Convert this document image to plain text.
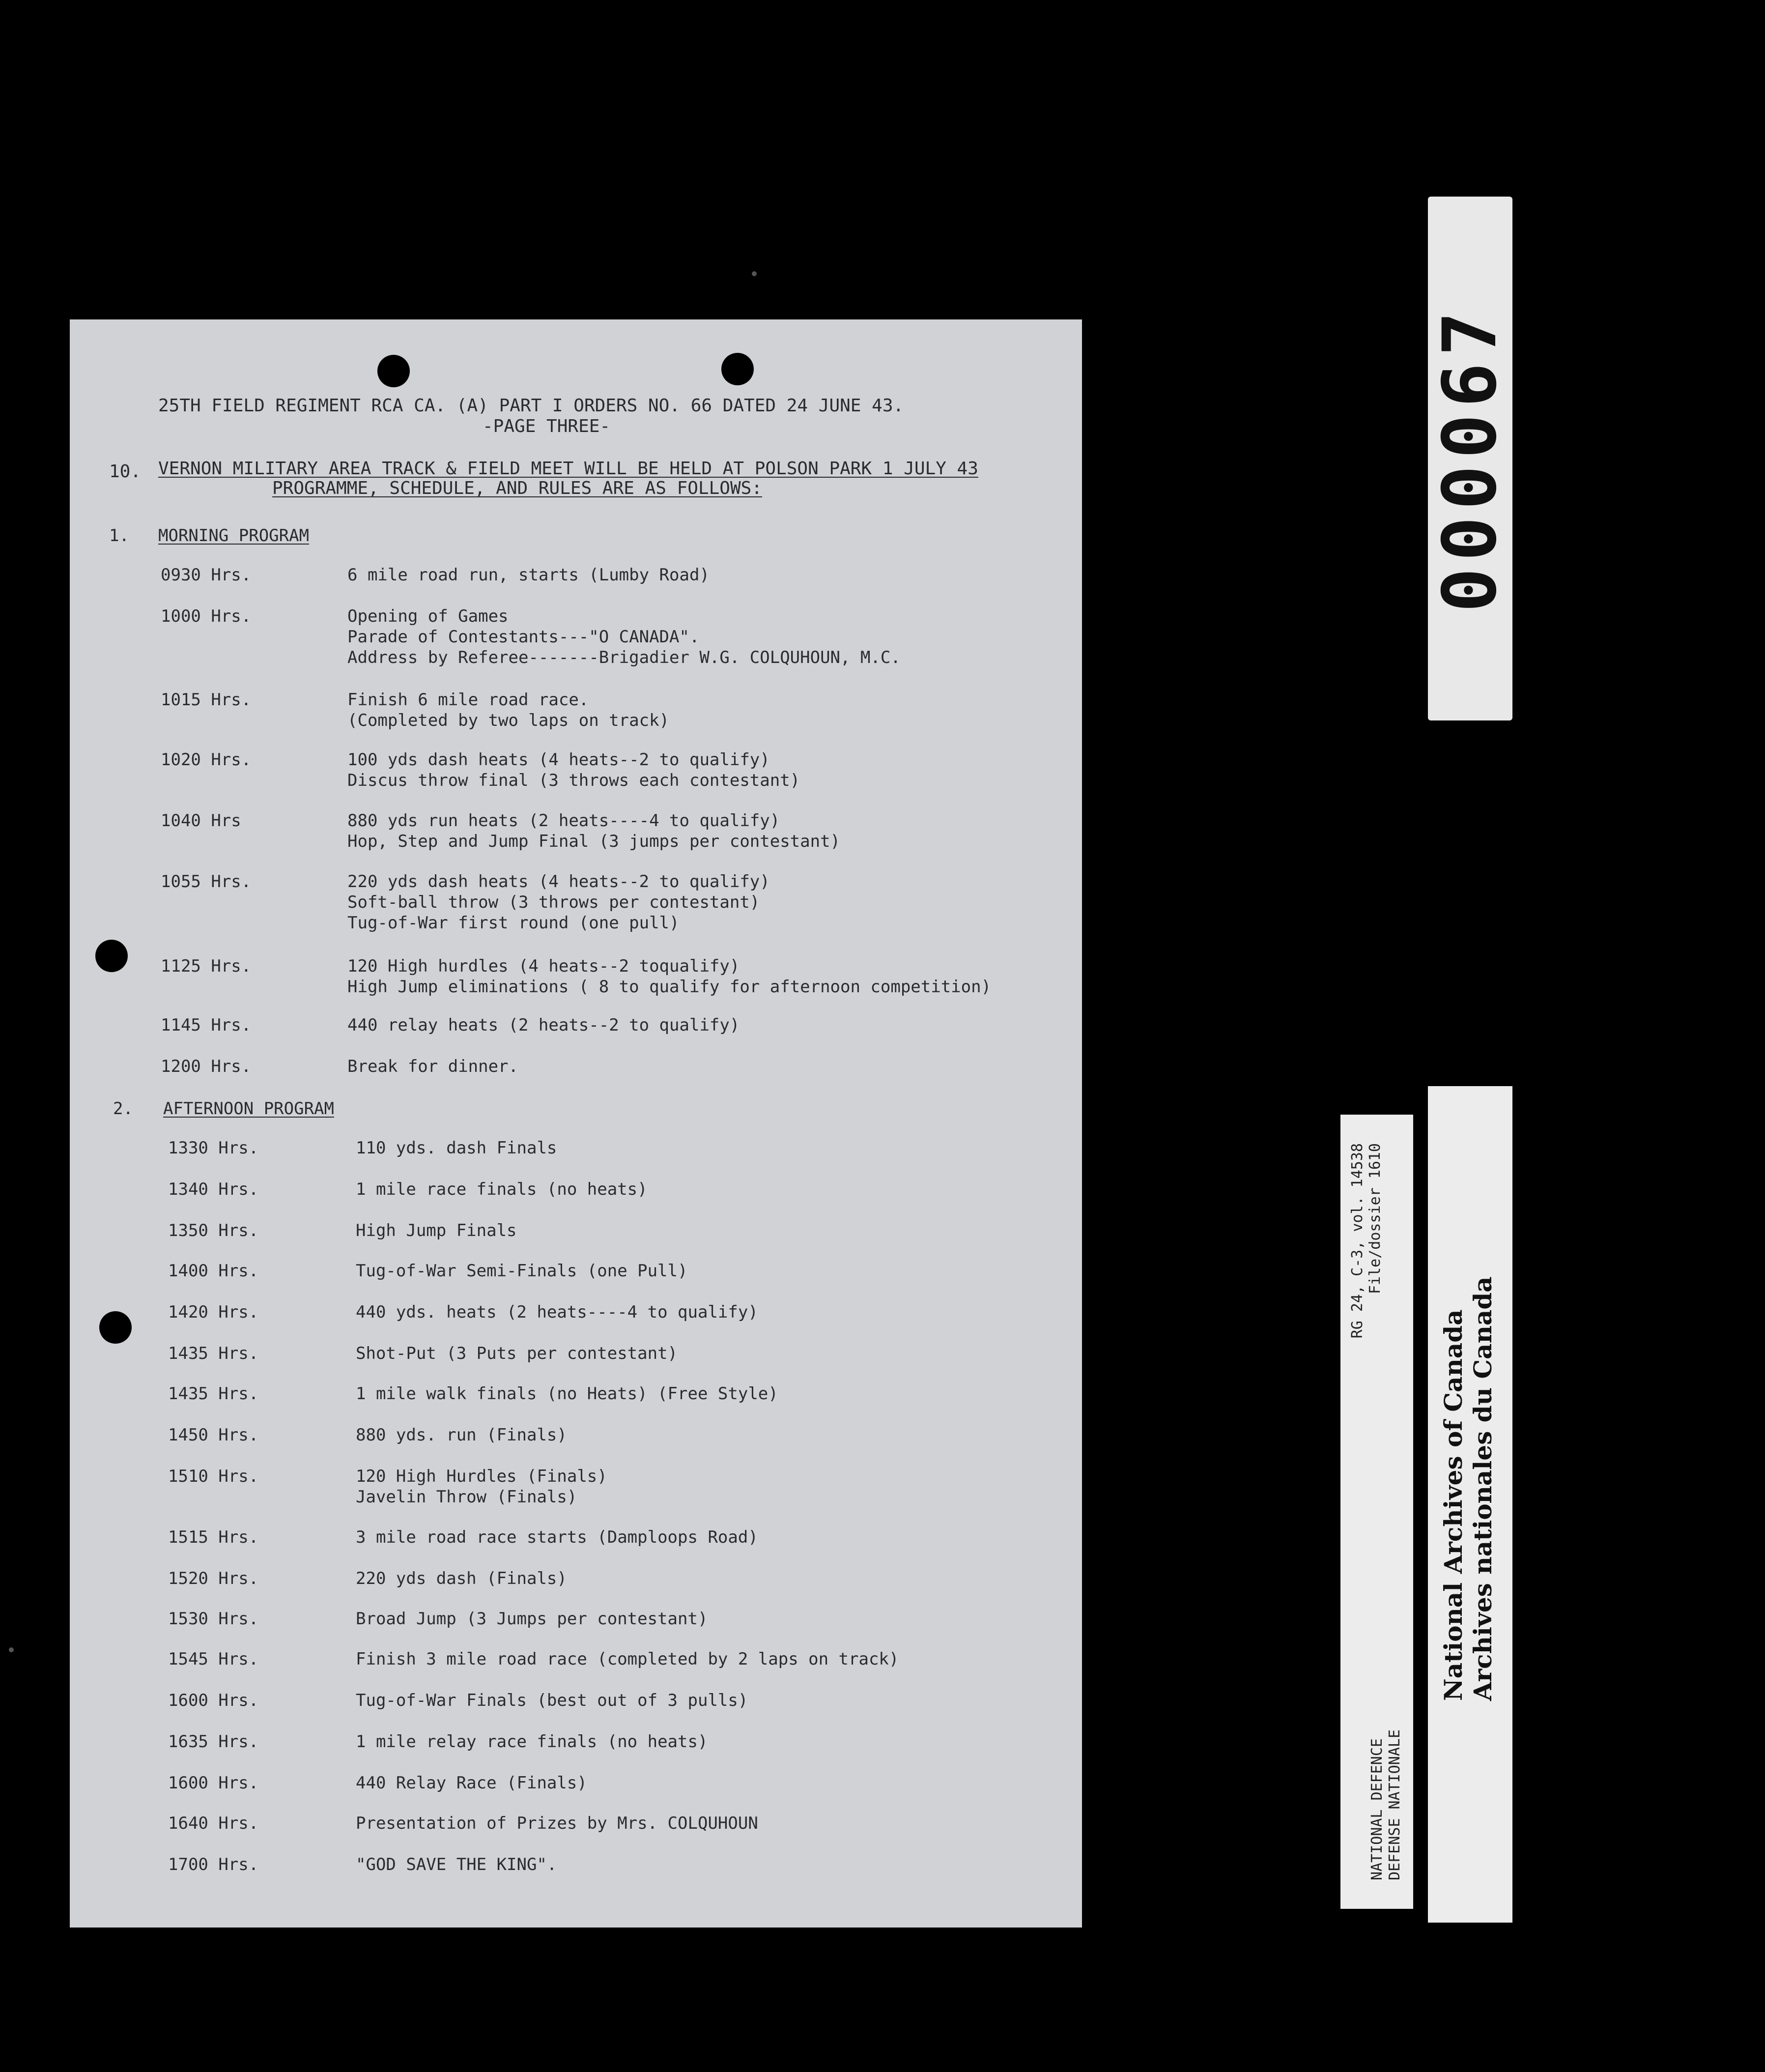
25TH FIELD REGIMENT RCA CA. (A) PART I ORDERS NO. 66 DATED 24 JUNE 43.
-PAGE THREE-
10. VERNON MILITARY AREA TRACK & FIELD MEET WILL BE HELD AT POLSON PARK 1 JULY 43
PROGRAMME, SCHEDULE, AND RULES ARE AS FOLLOWS:
1. MORNING PROGRAM
0930 Hrs.	6 mile road run, starts (Lumby Road)
1000 Hrs.	Opening of Games
Parade of Contestants---"O CANADA".
Address by Referee-------Brigadier W.G. COLQUHOUN, M.C.
1015 Hrs.	Finish 6 mile road race.
(Completed by two laps on track)
1020 Hrs.	100 yds dash heats (4 heats--2 to qualify)
Discus throw final (3 throws each contestant)
1040 Hrs	880 yds run heats (2 heats----4 to qualify)
Hop, Step and Jump Final (3 jumps per contestant)
1055 Hrs.	220 yds dash heats (4 heats--2 to qualify)
Soft-ball throw (3 throws per contestant)
Tug-of-War first round (one pull)
1125 Hrs.	120 High hurdles (4 heats--2 toqualify)
High Jump eliminations ( 8 to qualify for afternoon competition)
1145 Hrs.	440 relay heats (2 heats--2 to qualify)
1200 Hrs.	Break for dinner.
2. AFTERNOON PROGRAM
1330 Hrs.	110 yds. dash Finals
1340 Hrs.	1 mile race finals (no heats)
1350 Hrs.	High Jump Finals
1400 Hrs.	Tug-of-War Semi-Finals (one Pull)
1420 Hrs.	440 yds. heats (2 heats----4 to qualify)
1435 Hrs.	Shot-Put (3 Puts per contestant)
1435 Hrs.	1 mile walk finals (no Heats) (Free Style)
1450 Hrs.	880 yds. run (Finals)
1510 Hrs.	120 High Hurdles (Finals)
Javelin Throw (Finals)
1515 Hrs.	3 mile road race starts (Damploops Road)
1520 Hrs.	220 yds dash (Finals)
1530 Hrs.	Broad Jump (3 Jumps per contestant)
1545 Hrs.	Finish 3 mile road race (completed by 2 laps on track)
1600 Hrs.	Tug-of-War Finals (best out of 3 pulls)
1635 Hrs.	1 mile relay race finals (no heats)
1600 Hrs.	440 Relay Race (Finals)
1640 Hrs.	Presentation of Prizes by Mrs. COLQUHOUN
1700 Hrs.	"GOD SAVE THE KING".
000067
RG 24, C-3, vol. 14538 File/dossier 1610
NATIONAL DEFENCE DEFENSE NATIONALE
National Archives of Canada Archives nationales du Canada
